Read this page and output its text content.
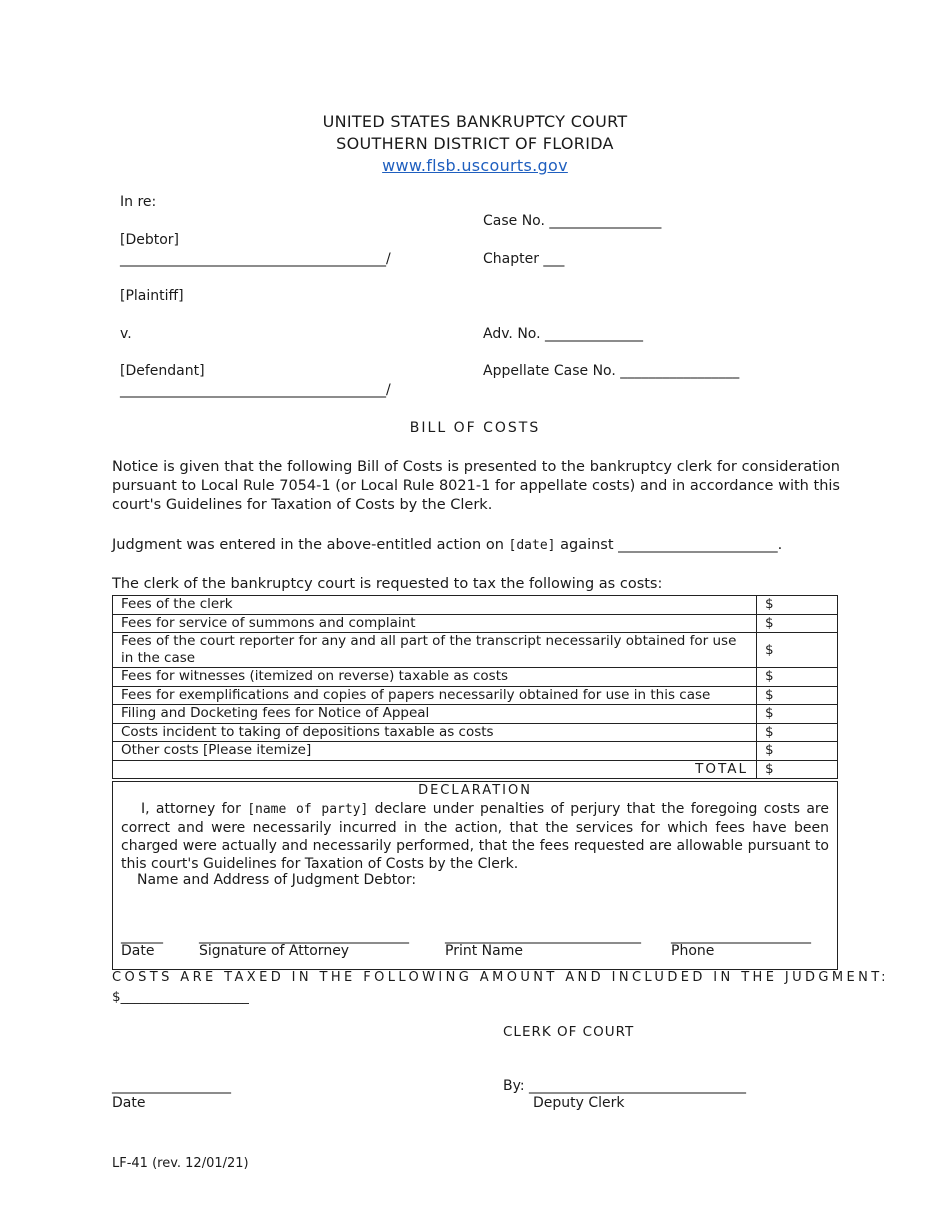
UNITED STATES BANKRUPTCY COURT
SOUTHERN DISTRICT OF FLORIDA
www.flsb.uscourts.gov
In re:
[Debtor]
______________________________________/
[Plaintiff]
v.
[Defendant]
______________________________________/
Case No. ________________
Chapter ___
Adv. No. ______________
Appellate Case No. _________________
BILL OF COSTS
Notice is given that the following Bill of Costs is presented to the bankruptcy clerk for consideration pursuant to Local Rule 7054-1 (or Local Rule 8021-1 for appellate costs) and in accordance with this court's Guidelines for Taxation of Costs by the Clerk.
Judgment was entered in the above-entitled action on [date] against ______________________.
The clerk of the bankruptcy court is requested to tax the following as costs:
Fees of the clerk	$
Fees for service of summons and complaint	$
Fees of the court reporter for any and all part of the transcript necessarily obtained for use in the case	$
Fees for witnesses (itemized on reverse) taxable as costs	$
Fees for exemplifications and copies of papers necessarily obtained for use in this case	$
Filing and Docketing fees for Notice of Appeal	$
Costs incident to taking of depositions taxable as costs	$
Other costs [Please itemize]	$
TOTAL	$
DECLARATION
I, attorney for [name of party] declare under penalties of perjury that the foregoing costs are correct and were necessarily incurred in the action, that the services for which fees have been charged were actually and necessarily performed, that the fees requested are allowable pursuant to this court's Guidelines for Taxation of Costs by the Clerk.
Name and Address of Judgment Debtor:
______
Date
______________________________
Signature of Attorney
____________________________
Print Name
____________________
Phone
COSTS ARE TAXED IN THE FOLLOWING AMOUNT AND INCLUDED IN THE JUDGMENT:
$___________________
CLERK OF COURT
_________________
Date
By: _______________________________
Deputy Clerk
LF-41 (rev. 12/01/21)
